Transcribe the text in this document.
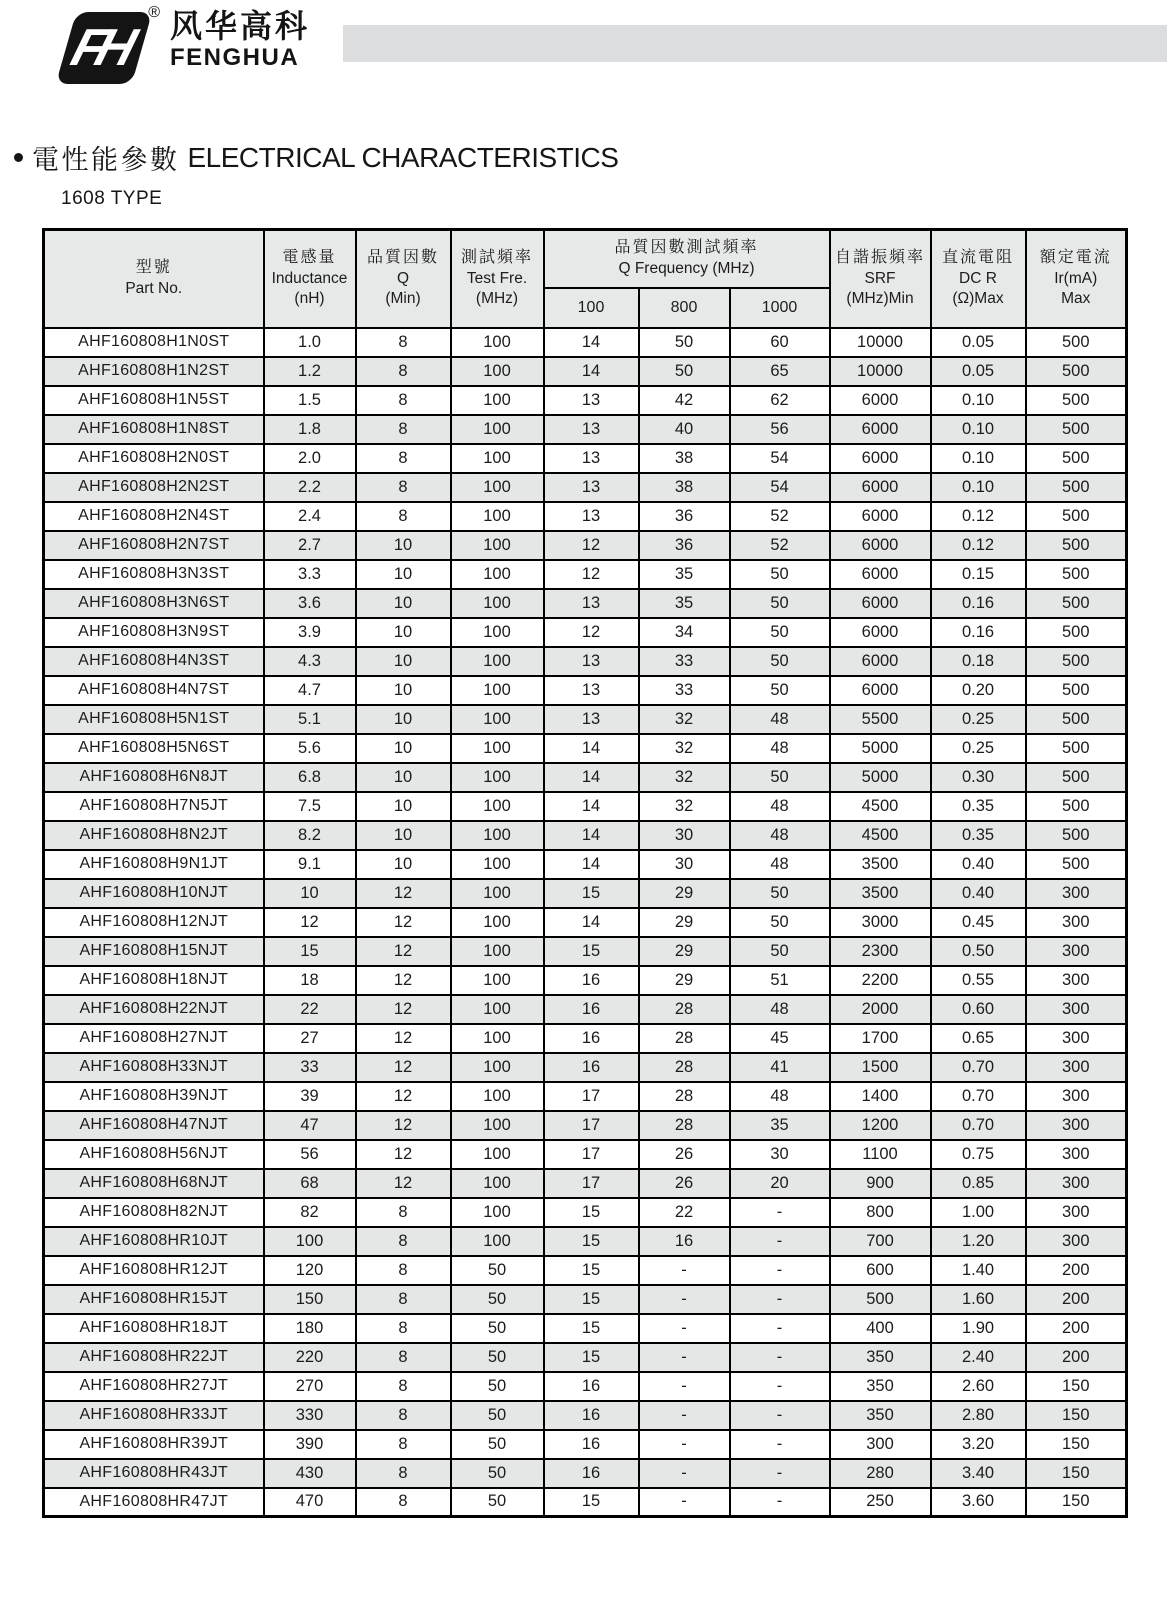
FH
® 风华高科
FENGHUA
電性能參數 ELECTRICAL CHARACTERISTICS
1608 TYPE
型號
Part No.

電感量
Inductance
(nH)

品質因數
Q
(Min)

測試頻率
Test Fre.
(MHz)

品質因數測試頻率
Q Frequency (MHz)

自諧振頻率
SRF
(MHz)Min

直流電阻
DC R
(Ω)Max

額定電流
Ir(mA)
Max

				100	800	1000			
AHF160808H1N0ST	1.0	8	100	14	50	60	10000	0.05	500
AHF160808H1N2ST	1.2	8	100	14	50	65	10000	0.05	500
AHF160808H1N5ST	1.5	8	100	13	42	62	6000	0.10	500
AHF160808H1N8ST	1.8	8	100	13	40	56	6000	0.10	500
AHF160808H2N0ST	2.0	8	100	13	38	54	6000	0.10	500
AHF160808H2N2ST	2.2	8	100	13	38	54	6000	0.10	500
AHF160808H2N4ST	2.4	8	100	13	36	52	6000	0.12	500
AHF160808H2N7ST	2.7	10	100	12	36	52	6000	0.12	500
AHF160808H3N3ST	3.3	10	100	12	35	50	6000	0.15	500
AHF160808H3N6ST	3.6	10	100	13	35	50	6000	0.16	500
AHF160808H3N9ST	3.9	10	100	12	34	50	6000	0.16	500
AHF160808H4N3ST	4.3	10	100	13	33	50	6000	0.18	500
AHF160808H4N7ST	4.7	10	100	13	33	50	6000	0.20	500
AHF160808H5N1ST	5.1	10	100	13	32	48	5500	0.25	500
AHF160808H5N6ST	5.6	10	100	14	32	48	5000	0.25	500
AHF160808H6N8JT	6.8	10	100	14	32	50	5000	0.30	500
AHF160808H7N5JT	7.5	10	100	14	32	48	4500	0.35	500
AHF160808H8N2JT	8.2	10	100	14	30	48	4500	0.35	500
AHF160808H9N1JT	9.1	10	100	14	30	48	3500	0.40	500
AHF160808H10NJT	10	12	100	15	29	50	3500	0.40	300
AHF160808H12NJT	12	12	100	14	29	50	3000	0.45	300
AHF160808H15NJT	15	12	100	15	29	50	2300	0.50	300
AHF160808H18NJT	18	12	100	16	29	51	2200	0.55	300
AHF160808H22NJT	22	12	100	16	28	48	2000	0.60	300
AHF160808H27NJT	27	12	100	16	28	45	1700	0.65	300
AHF160808H33NJT	33	12	100	16	28	41	1500	0.70	300
AHF160808H39NJT	39	12	100	17	28	48	1400	0.70	300
AHF160808H47NJT	47	12	100	17	28	35	1200	0.70	300
AHF160808H56NJT	56	12	100	17	26	30	1100	0.75	300
AHF160808H68NJT	68	12	100	17	26	20	900	0.85	300
AHF160808H82NJT	82	8	100	15	22	-	800	1.00	300
AHF160808HR10JT	100	8	100	15	16	-	700	1.20	300
AHF160808HR12JT	120	8	50	15	-	-	600	1.40	200
AHF160808HR15JT	150	8	50	15	-	-	500	1.60	200
AHF160808HR18JT	180	8	50	15	-	-	400	1.90	200
AHF160808HR22JT	220	8	50	15	-	-	350	2.40	200
AHF160808HR27JT	270	8	50	16	-	-	350	2.60	150
AHF160808HR33JT	330	8	50	16	-	-	350	2.80	150
AHF160808HR39JT	390	8	50	16	-	-	300	3.20	150
AHF160808HR43JT	430	8	50	16	-	-	280	3.40	150
AHF160808HR47JT	470	8	50	15	-	-	250	3.60	150
